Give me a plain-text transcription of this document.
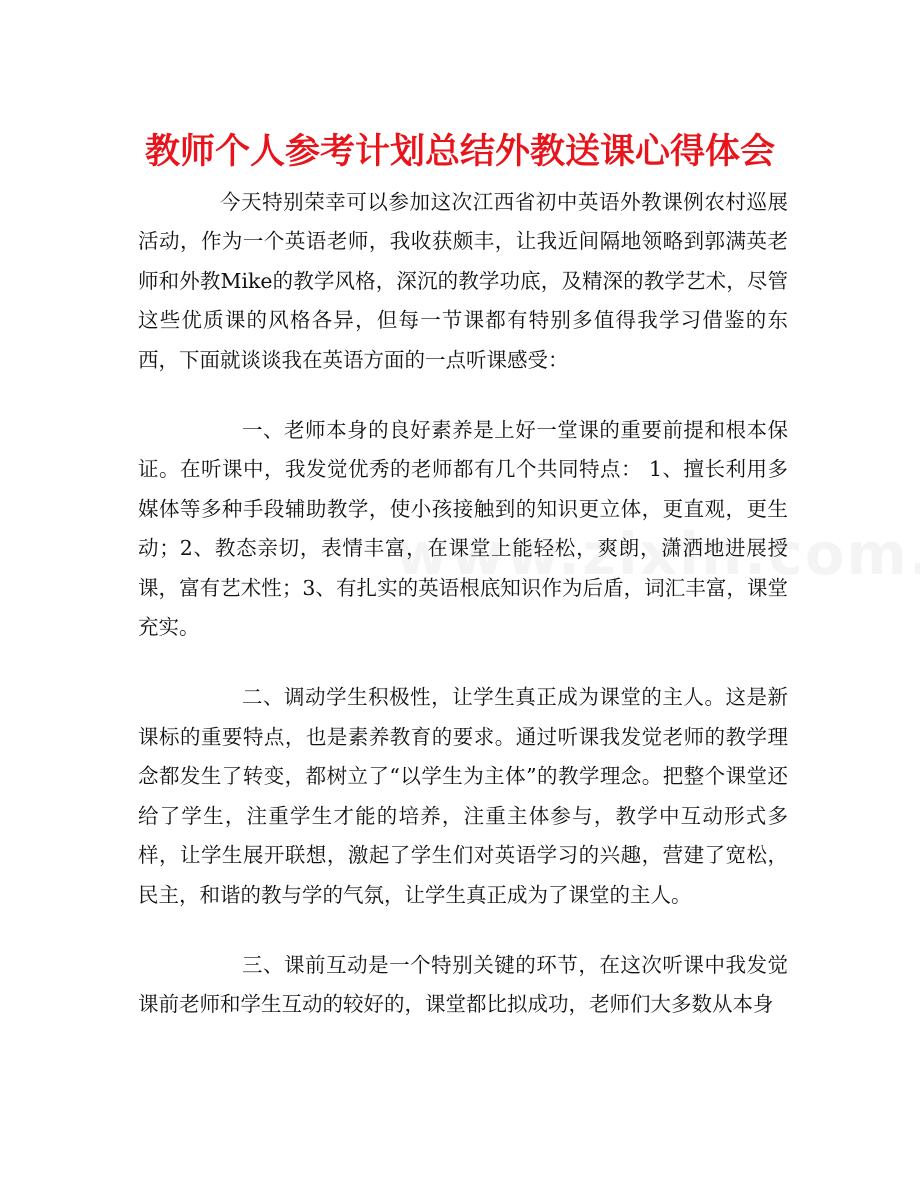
教师个人参考计划总结外教送课心得体会

今天特别荣幸可以参加这次江西省初中英语外教课例农村巡展活动，作为一个英语老师，我收获颇丰，让我近间隔地领略到郭满英老师和外教Mike的教学风格，深沉的教学功底，及精深的教学艺术，尽管这些优质课的风格各异，但每一节课都有特别多值得我学习借鉴的东西，下面就谈谈我在英语方面的一点听课感受：

一、老师本身的良好素养是上好一堂课的重要前提和根本保证。在听课中，我发觉优秀的老师都有几个共同特点： 1、擅长利用多媒体等多种手段辅助教学，使小孩接触到的知识更立体，更直观，更生动；2、教态亲切，表情丰富，在课堂上能轻松，爽朗，潇洒地进展授课，富有艺术性；3、有扎实的英语根底知识作为后盾，词汇丰富，课堂充实。

二、调动学生积极性，让学生真正成为课堂的主人。这是新课标的重要特点，也是素养教育的要求。通过听课我发觉老师的教学理念都发生了转变，都树立了“以学生为主体”的教学理念。把整个课堂还给了学生，注重学生才能的培养，注重主体参与，教学中互动形式多样，让学生展开联想，激起了学生们对英语学习的兴趣，营建了宽松，民主，和谐的教与学的气氛，让学生真正成为了课堂的主人。

三、课前互动是一个特别关键的环节，在这次听课中我发觉课前老师和学生互动的较好的，课堂都比拟成功，老师们大多数从本身
